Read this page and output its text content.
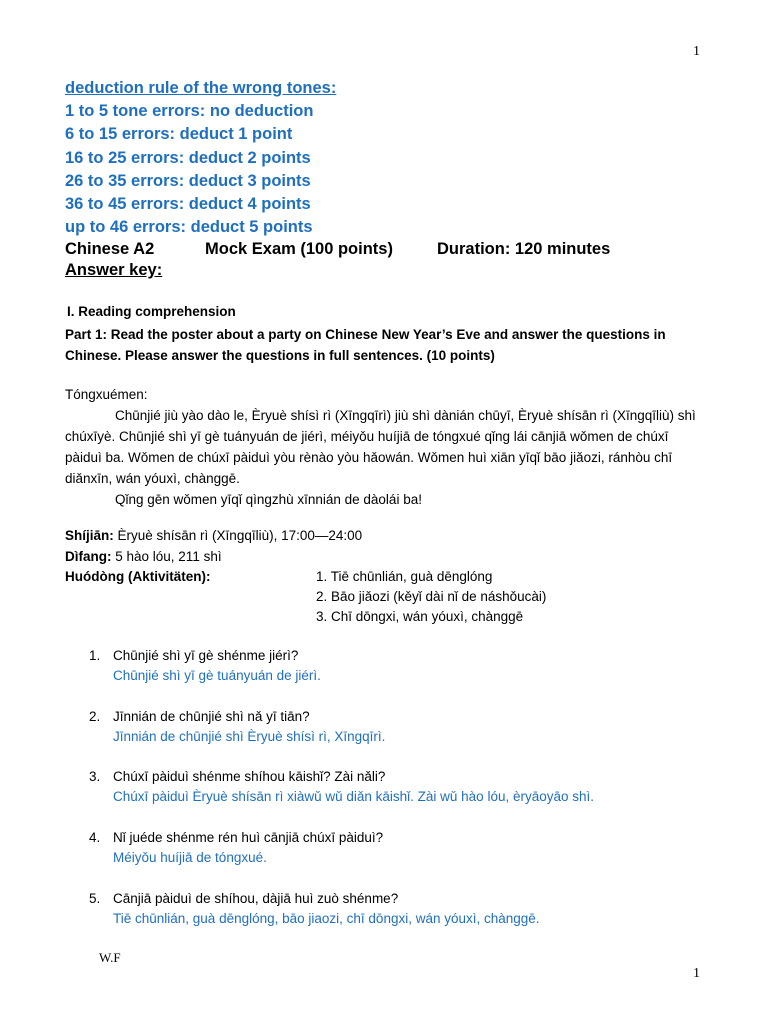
1
deduction rule of the wrong tones:
1 to 5 tone errors: no deduction
6 to 15 errors: deduct 1 point
16 to 25 errors: deduct 2 points
26 to 35 errors: deduct 3 points
36 to 45 errors: deduct 4 points
up to 46 errors: deduct 5 points
Chinese A2	Mock Exam (100 points)	Duration: 120 minutes
Answer key:
I. Reading comprehension
Part 1: Read the poster about a party on Chinese New Year’s Eve and answer the questions in Chinese. Please answer the questions in full sentences. (10 points)

Tóngxuémen:

Chūnjié jiù yào dào le, Èryuè shísì rì (Xīngqīrì) jiù shì dànián chūyī, Èryuè shísān rì (Xīngqīliù) shì chúxīyè. Chūnjié shì yī gè tuányuán de jiérì, méiyǒu huíjiā de tóngxué qǐng lái cānjiā wǒmen de chúxī pàiduì ba. Wǒmen de chúxī pàiduì yòu rènào yòu hǎowán. Wǒmen huì xiān yīqǐ bāo jiǎozi, ránhòu chī diǎnxīn, wán yóuxì, chànggē.

Qǐng gēn wǒmen yīqǐ qìngzhù xīnnián de dàolái ba!

Shíjiān: Èryuè shísān rì (Xīngqīliù), 17:00—24:00
Dìfang: 5 hào lóu, 211 shì
Huódòng (Aktivitäten):	1. Tiē chūnlián, guà dēnglóng
2. Bāo jiǎozi (kěyǐ dài nǐ de náshǒucài)
3. Chī dōngxi, wán yóuxì, chànggē
1. Chūnjié shì yī gè shénme jiérì?
Chūnjié shì yī gè tuányuán de jiérì.
2. Jīnnián de chūnjié shì nǎ yī tiān?
Jīnnián de chūnjié shì Èryuè shísì rì, Xīngqīrì.
3. Chúxī pàiduì shénme shíhou kāishǐ? Zài nǎli?
Chúxī pàiduì Èryuè shísān rì xiàwǔ wǔ diǎn kāishǐ. Zài wǔ hào lóu, èryāoyāo shì.
4. Nǐ juéde shénme rén huì cānjiā chúxī pàiduì?
Méiyǒu huíjiā de tóngxué.
5. Cānjiā pàiduì de shíhou, dàjiā huì zuò shénme?
Tiē chūnlián, guà dēnglóng, bāo jiaozi, chī dōngxi, wán yóuxì, chànggē.
W.F
1
